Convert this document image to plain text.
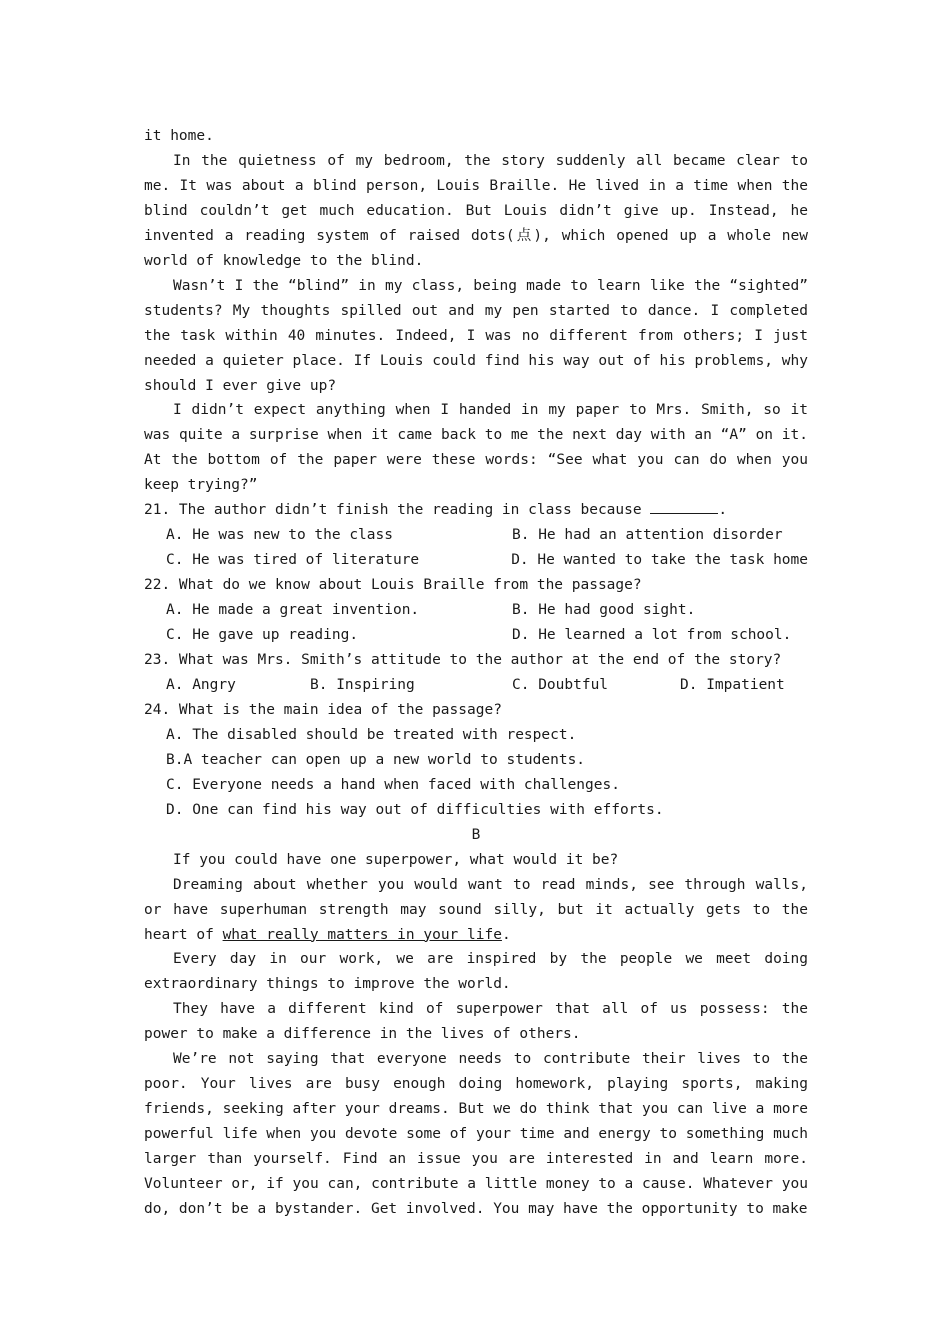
it home.

In the quietness of my bedroom, the story suddenly all became clear to me. It was about a blind person, Louis Braille. He lived in a time when the blind couldn’t get much education. But Louis didn’t give up. Instead, he invented a reading system of raised dots(点), which opened up a whole new world of knowledge to the blind.

Wasn’t I the “blind” in my class, being made to learn like the “sighted” students? My thoughts spilled out and my pen started to dance. I completed the task within 40 minutes. Indeed, I was no different from others; I just needed a quieter place. If Louis could find his way out of his problems, why should I ever give up?

I didn’t expect anything when I handed in my paper to Mrs. Smith, so it was quite a surprise when it came back to me the next day with an “A” on it. At the bottom of the paper were these words: “See what you can do when you keep trying?”

21. The author didn’t finish the reading in class because	.

A. He was new to the class	B. He had an attention disorder
C. He was tired of literature	D. He wanted to take the task home

22. What do we know about Louis Braille from the passage?

A. He made a great invention.	B. He had good sight.
C. He gave up reading.	D. He learned a lot from school.

23. What was Mrs. Smith’s attitude to the author at the end of the story?

A. Angry	B. Inspiring	C. Doubtful	D. Impatient

24. What is the main idea of the passage?

A. The disabled should be treated with respect.
B.A teacher can open up a new world to students.
C. Everyone needs a hand when faced with challenges.
D. One can find his way out of difficulties with efforts.

B

If you could have one superpower, what would it be?

Dreaming about whether you would want to read minds, see through walls, or have superhuman strength may sound silly, but it actually gets to the heart of what really matters in your life.

Every day in our work, we are inspired by the people we meet doing extraordinary things to improve the world.

They have a different kind of superpower that all of us possess: the power to make a difference in the lives of others.

We’re not saying that everyone needs to contribute their lives to the poor. Your lives are busy enough doing homework, playing sports, making friends, seeking after your dreams. But we do think that you can live a more powerful life when you devote some of your time and energy to something much larger than yourself. Find an issue you are interested in and learn more. Volunteer or, if you can, contribute a little money to a cause. Whatever you do, don’t be a bystander. Get involved. You may have the opportunity to make
